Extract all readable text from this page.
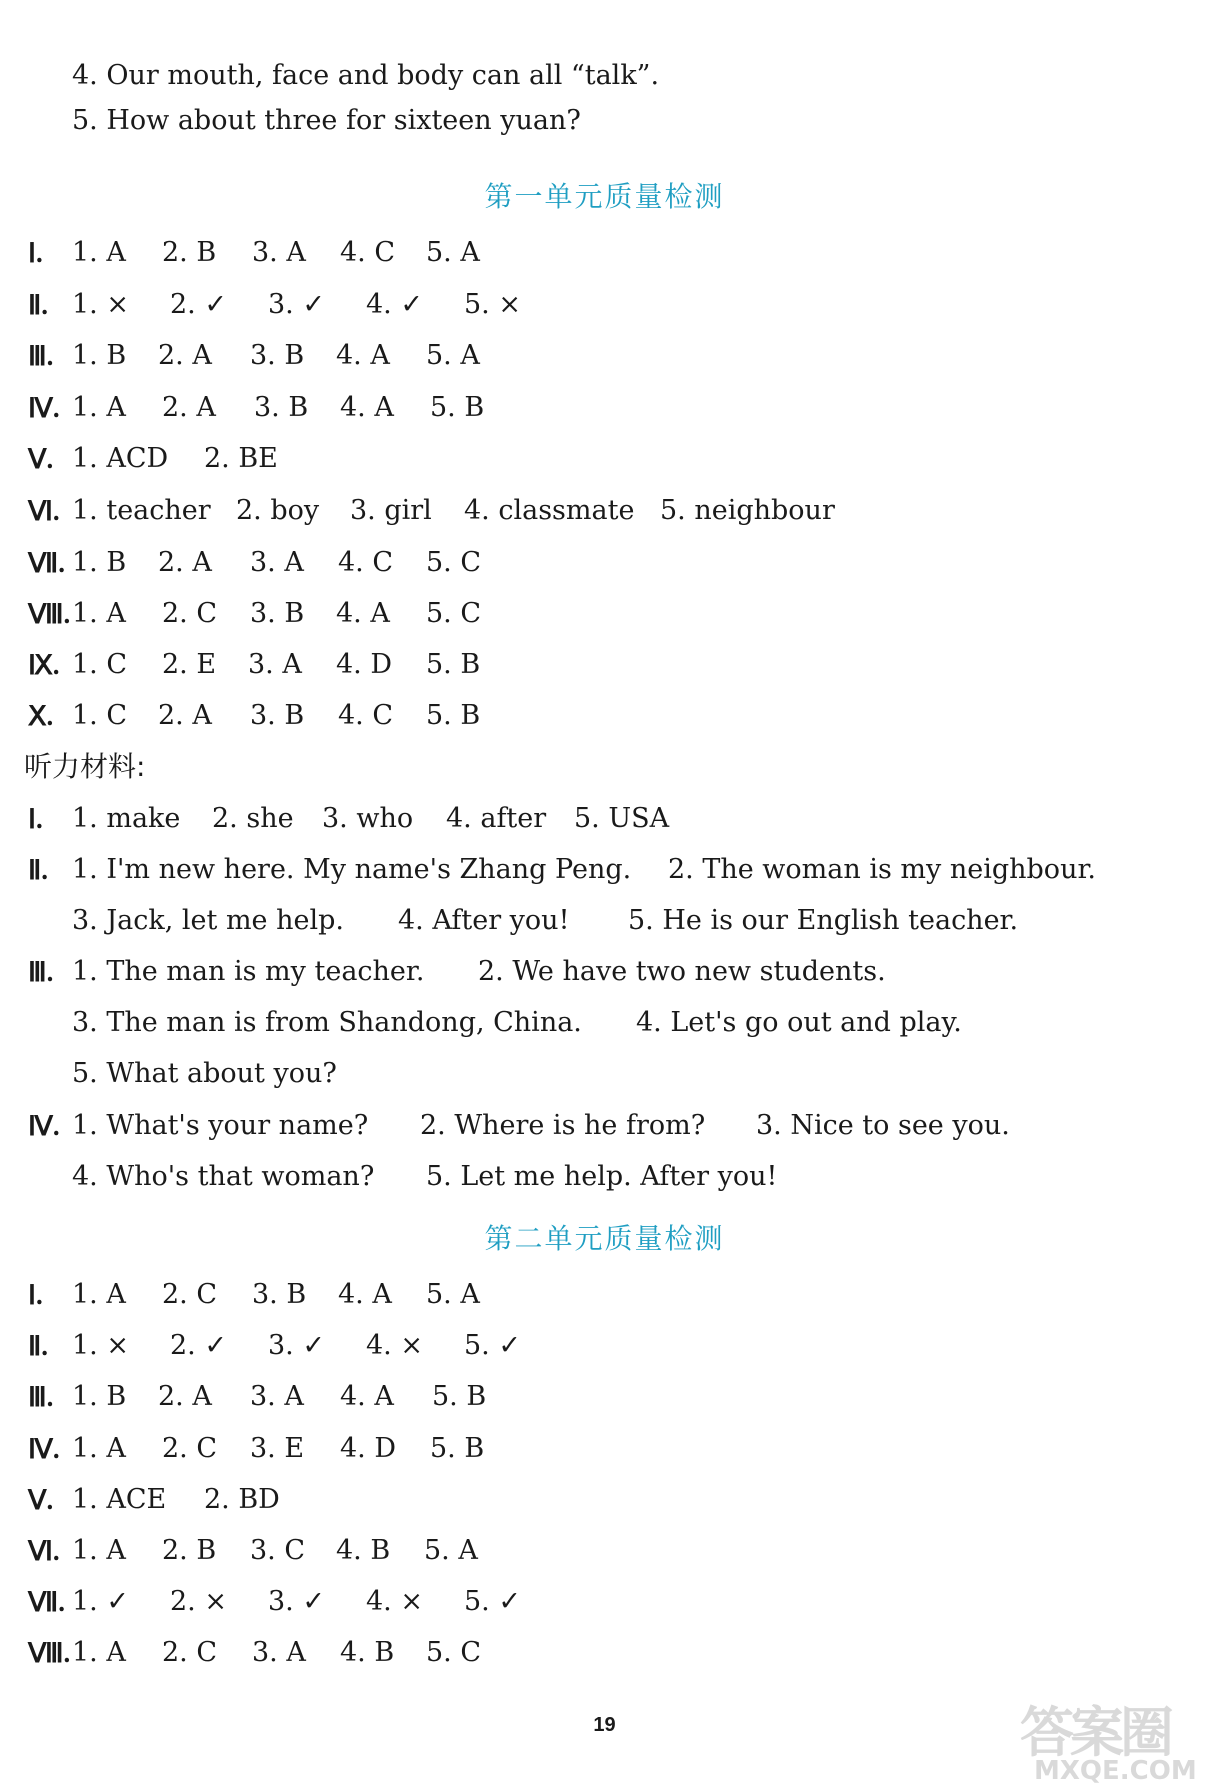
4. Our mouth, face and body can all “talk”.
5. How about three for sixteen yuan?
第一单元质量检测
Ⅰ. 1. A 2. B 3. A 4. C 5. A
Ⅱ. 1. × 2. ✓ 3. ✓ 4. ✓ 5. ×
Ⅲ. 1. B 2. A 3. B 4. A 5. A
Ⅳ. 1. A 2. A 3. B 4. A 5. B
Ⅴ. 1. ACD 2. BE
Ⅵ. 1. teacher 2. boy 3. girl 4. classmate 5. neighbour
Ⅶ. 1. B 2. A 3. A 4. C 5. C
Ⅷ. 1. A 2. C 3. B 4. A 5. C
Ⅸ. 1. C 2. E 3. A 4. D 5. B
Ⅹ. 1. C 2. A 3. B 4. C 5. B
听力材料:
Ⅰ. 1. make 2. she 3. who 4. after 5. USA
Ⅱ. 1. I'm new here. My name's Zhang Peng. 2. The woman is my neighbour.
3. Jack, let me help. 4. After you! 5. He is our English teacher.
Ⅲ. 1. The man is my teacher. 2. We have two new students.
3. The man is from Shandong, China. 4. Let's go out and play.
5. What about you?
Ⅳ. 1. What's your name? 2. Where is he from? 3. Nice to see you.
4. Who's that woman? 5. Let me help. After you!
第二单元质量检测
Ⅰ. 1. A 2. C 3. B 4. A 5. A
Ⅱ. 1. × 2. ✓ 3. ✓ 4. × 5. ✓
Ⅲ. 1. B 2. A 3. A 4. A 5. B
Ⅳ. 1. A 2. C 3. E 4. D 5. B
Ⅴ. 1. ACE 2. BD
Ⅵ. 1. A 2. B 3. C 4. B 5. A
Ⅶ. 1. ✓ 2. × 3. ✓ 4. × 5. ✓
Ⅷ. 1. A 2. C 3. A 4. B 5. C
19	答案圈
MXQE.COM
